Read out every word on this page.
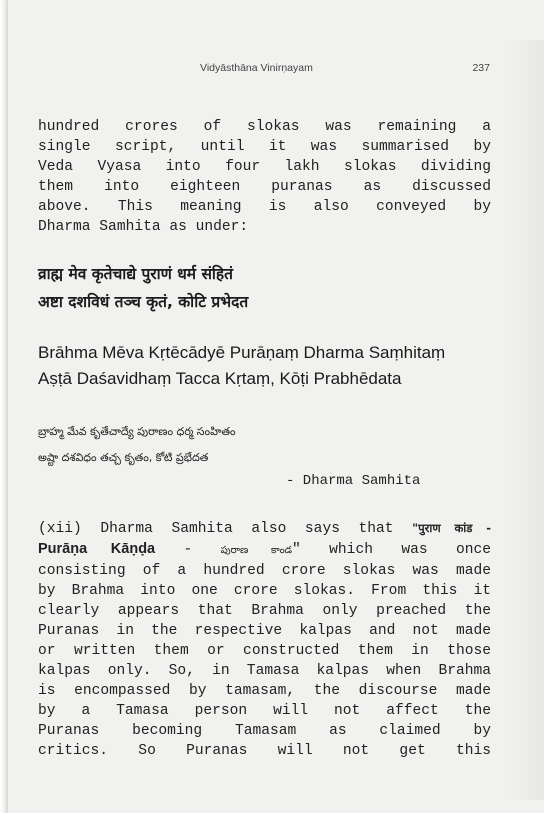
Vidyāsthāna Vinirṇayam	237
hundred crores of slokas was remaining a
single script, until it was summarised by
Veda Vyasa into four lakh slokas dividing
them into eighteen puranas as discussed
above. This meaning is also conveyed by
Dharma Samhita as under:
व्राह्म मेव कृतेचाद्ये पुराणं धर्म संहितं
अष्टा दशविधं तञ्च कृतं, कोटि प्रभेदत
Brāhma Mēva Kṛtēcādyē Purāṇaṃ Dharma Saṃhitaṃ
Aṣṭā Daśavidhaṃ Tacca Kṛtaṃ, Kōṭi Prabhēdata
బ్రాహ్మ మేవ కృతేచాద్యే పురాణం ధర్మ సంహితం
అష్టా దశవిధం తచ్చ కృతం, కోటి ప్రభేదత
- Dharma Samhita
(xii) Dharma Samhita also says that "पुराण कांड -
Purāṇa Kāṇḍa - పురాణ కాండ" which was once
consisting of a hundred crore slokas was made
by Brahma into one crore slokas. From this it
clearly appears that Brahma only preached the
Puranas in the respective kalpas and not made
or written them or constructed them in those
kalpas only. So, in Tamasa kalpas when Brahma
is encompassed by tamasam, the discourse made
by a Tamasa person will not affect the
Puranas becoming Tamasam as claimed by
critics. So Puranas will not get this
